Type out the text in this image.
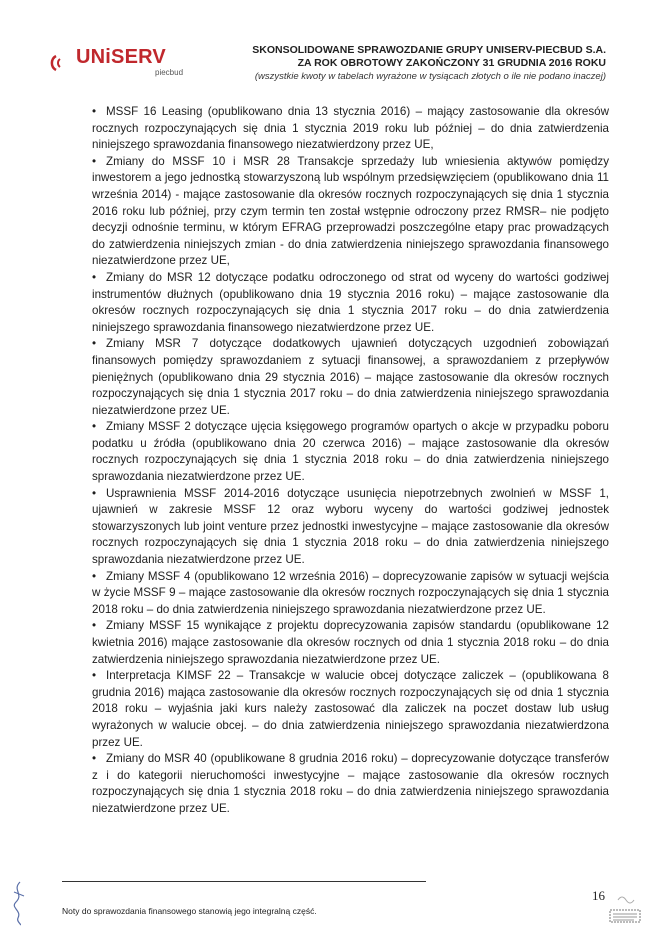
UNiSERV
piecbud
SKONSOLIDOWANE SPRAWOZDANIE GRUPY UNISERV-PIECBUD S.A.
ZA ROK OBROTOWY ZAKOŃCZONY 31 GRUDNIA 2016 ROKU
(wszystkie kwoty w tabelach wyrażone w tysiącach złotych o ile nie podano inaczej)

• MSSF 16 Leasing (opublikowano dnia 13 stycznia 2016) – mający zastosowanie dla okresów rocznych rozpoczynających się dnia 1 stycznia 2019 roku lub później – do dnia zatwierdzenia niniejszego sprawozdania finansowego niezatwierdzony przez UE,

• Zmiany do MSSF 10 i MSR 28 Transakcje sprzedaży lub wniesienia aktywów pomiędzy inwestorem a jego jednostką stowarzyszoną lub wspólnym przedsięwzięciem (opublikowano dnia 11 września 2014) - mające zastosowanie dla okresów rocznych rozpoczynających się dnia 1 stycznia 2016 roku lub później, przy czym termin ten został wstępnie odroczony przez RMSR– nie podjęto decyzji odnośnie terminu, w którym EFRAG przeprowadzi poszczególne etapy prac prowadzących do zatwierdzenia niniejszych zmian - do dnia zatwierdzenia niniejszego sprawozdania finansowego niezatwierdzone przez UE,

• Zmiany do MSR 12 dotyczące podatku odroczonego od strat od wyceny do wartości godziwej instrumentów dłużnych (opublikowano dnia 19 stycznia 2016 roku) – mające zastosowanie dla okresów rocznych rozpoczynających się dnia 1 stycznia 2017 roku – do dnia zatwierdzenia niniejszego sprawozdania finansowego niezatwierdzone przez UE.

• Zmiany MSR 7 dotyczące dodatkowych ujawnień dotyczących uzgodnień zobowiązań finansowych pomiędzy sprawozdaniem z sytuacji finansowej, a sprawozdaniem z przepływów pieniężnych (opublikowano dnia 29 stycznia 2016) – mające zastosowanie dla okresów rocznych rozpoczynających się dnia 1 stycznia 2017 roku – do dnia zatwierdzenia niniejszego sprawozdania niezatwierdzone przez UE.

• Zmiany MSSF 2 dotyczące ujęcia księgowego programów opartych o akcje w przypadku poboru podatku u źródła (opublikowano dnia 20 czerwca 2016) – mające zastosowanie dla okresów rocznych rozpoczynających się dnia 1 stycznia 2018 roku – do dnia zatwierdzenia niniejszego sprawozdania niezatwierdzone przez UE.

• Usprawnienia MSSF 2014-2016 dotyczące usunięcia niepotrzebnych zwolnień w MSSF 1, ujawnień w zakresie MSSF 12 oraz wyboru wyceny do wartości godziwej jednostek stowarzyszonych lub joint venture przez jednostki inwestycyjne – mające zastosowanie dla okresów rocznych rozpoczynających się dnia 1 stycznia 2018 roku – do dnia zatwierdzenia niniejszego sprawozdania niezatwierdzone przez UE.

• Zmiany MSSF 4 (opublikowano 12 września 2016) – doprecyzowanie zapisów w sytuacji wejścia w życie MSSF 9 – mające zastosowanie dla okresów rocznych rozpoczynających się dnia 1 stycznia 2018 roku – do dnia zatwierdzenia niniejszego sprawozdania niezatwierdzone przez UE.

• Zmiany MSSF 15 wynikające z projektu doprecyzowania zapisów standardu (opublikowane 12 kwietnia 2016) mające zastosowanie dla okresów rocznych od dnia 1 stycznia 2018 roku – do dnia zatwierdzenia niniejszego sprawozdania niezatwierdzone przez UE.

• Interpretacja KIMSF 22 – Transakcje w walucie obcej dotyczące zaliczek – (opublikowana 8 grudnia 2016) mająca zastosowanie dla okresów rocznych rozpoczynających się od dnia 1 stycznia 2018 roku – wyjaśnia jaki kurs należy zastosować dla zaliczek na poczet dostaw lub usług wyrażonych w walucie obcej. – do dnia zatwierdzenia niniejszego sprawozdania niezatwierdzona przez UE.

• Zmiany do MSR 40 (opublikowane 8 grudnia 2016 roku) – doprecyzowanie dotyczące transferów z i do kategorii nieruchomości inwestycyjne – mające zastosowanie dla okresów rocznych rozpoczynających się dnia 1 stycznia 2018 roku – do dnia zatwierdzenia niniejszego sprawozdania niezatwierdzone przez UE.

Noty do sprawozdania finansowego stanowią jego integralną część.
16
